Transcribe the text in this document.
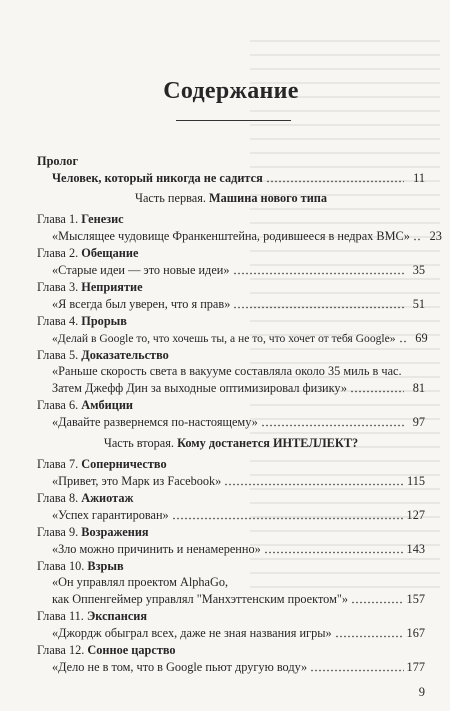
Содержание
Пролог
Человек, который никогда не садится	11
Часть первая.
Машина нового типа
Глава 1.
Генезис
«Мыслящее чудовище Франкенштейна, родившееся в недрах BMC»	23
Глава 2.
Обещание
«Старые идеи — это новые идеи»	35
Глава 3.
Неприятие
«Я всегда был уверен, что я прав»	51
Глава 4.
Прорыв
«Делай в Google то, что хочешь ты, а не то, что хочет от тебя Google»	69
Глава 5.
Доказательство
«Раньше скорость света в вакууме составляла около 35 миль в час.
Затем Джефф Дин за выходные оптимизировал физику»	81
Глава 6.
Амбиции
«Давайте развернемся по-настоящему»	97
Часть вторая.
Кому достанется ИНТЕЛЛЕКТ?
Глава 7.
Соперничество
«Привет, это Марк из Facebook»	115
Глава 8.
Ажиотаж
«Успех гарантирован»	127
Глава 9.
Возражения
«Зло можно причинить и ненамеренно»	143
Глава 10.
Взрыв
«Он управлял проектом AlphaGo,
как Оппенгеймер управлял "Манхэттенским проектом"»	157
Глава 11.
Экспансия
«Джордж обыграл всех, даже не зная названия игры»	167
Глава 12.
Сонное царство
«Дело не в том, что в Google пьют другую воду»	177
9
